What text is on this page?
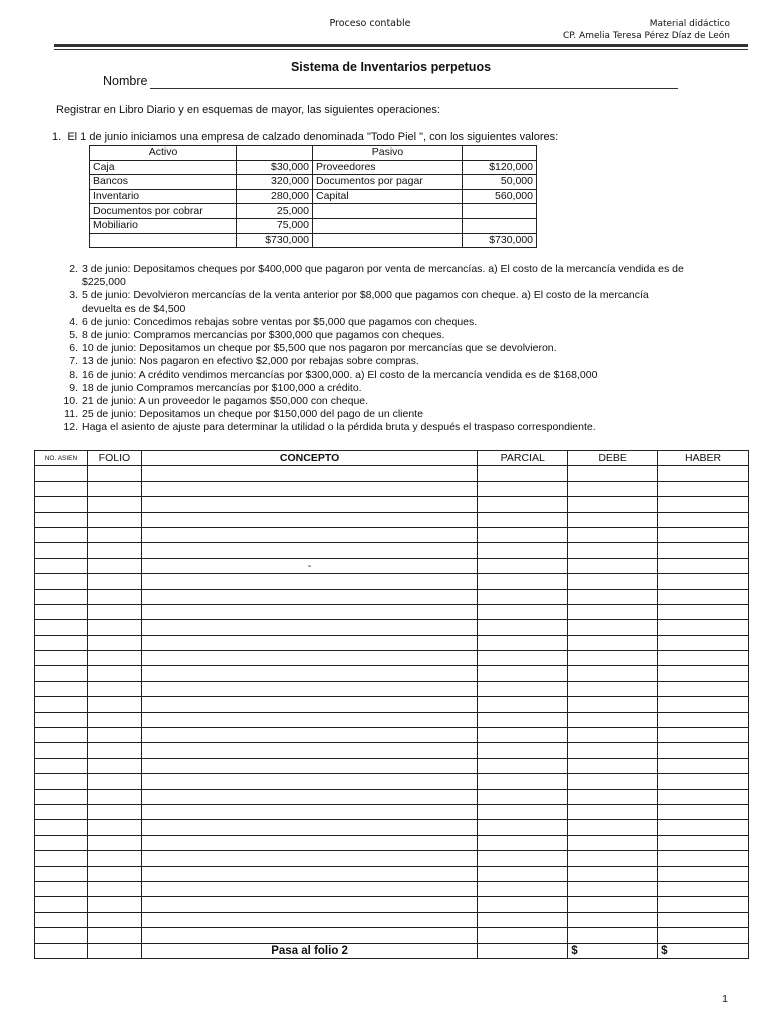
Proceso contable	Material didáctico
CP. Amelia Teresa Pérez Díaz de León
Sistema de Inventarios perpetuos
Nombre
Registrar en Libro Diario y en esquemas de mayor, las siguientes operaciones:
1. El 1 de junio iniciamos una empresa de calzado denominada "Todo Piel ", con los siguientes valores:
Activo		Pasivo	
Caja	$30,000	Proveedores	$120,000
Bancos	320,000	Documentos por pagar	50,000
Inventario	280,000	Capital	560,000
Documentos por cobrar	25,000		
Mobiliario	75,000		
	$730,000		$730,000
2. 3 de junio: Depositamos cheques por $400,000 que pagaron por venta de mercancías. a) El costo de la mercancía vendida es de
$225,000
3. 5 de junio: Devolvieron mercancías de la venta anterior por $8,000 que pagamos con cheque. a) El costo de la mercancía
devuelta es de $4,500
4. 6 de junio: Concedimos rebajas sobre ventas por $5,000 que pagamos con cheques.
5. 8 de junio: Compramos mercancías por $300,000 que pagamos con cheques.
6. 10 de junio: Depositamos un cheque por $5,500 que nos pagaron por mercancías que se devolvieron.
7. 13 de junio: Nos pagaron en efectivo $2,000 por rebajas sobre compras.
8. 16 de junio: A crédito vendimos mercancías por $300,000. a) El costo de la mercancía vendida es de $168,000
9. 18 de junio Compramos mercancías por $100,000 a crédito.
10. 21 de junio: A un proveedor le pagamos $50,000 con cheque.
11. 25 de junio: Depositamos un cheque por $150,000 del pago de un cliente
12. Haga el asiento de ajuste para determinar la utilidad o la pérdida bruta y después el traspaso correspondiente.
NO. ASIEN	FOLIO	CONCEPTO	PARCIAL	DEBE	HABER

		-			

		Pasa al folio 2		$	$
1
